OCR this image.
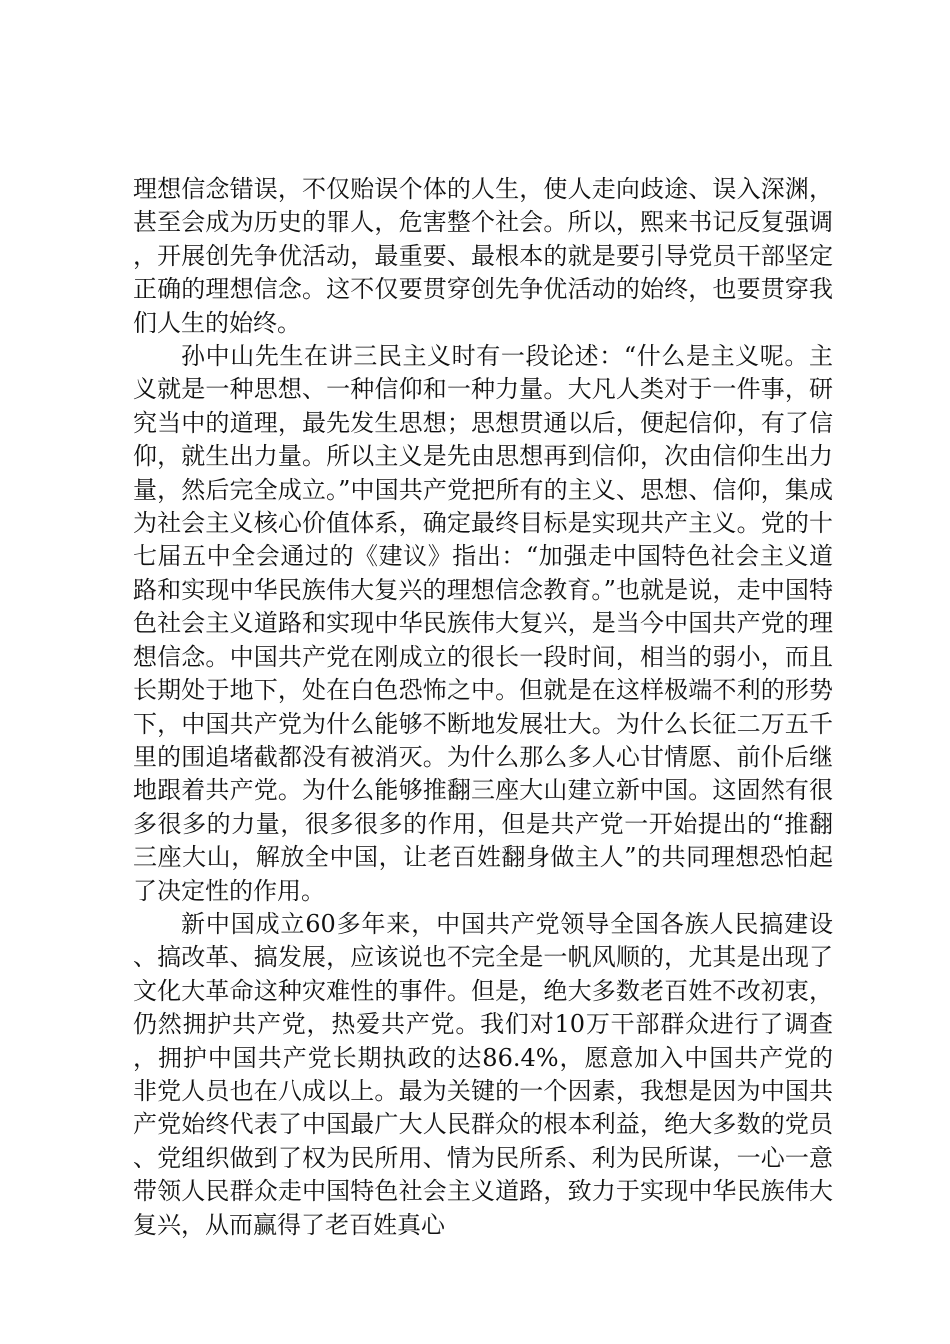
理想信念错误，不仅贻误个体的人生，使人走向歧途、误入深渊，甚至会成为历史的罪人，危害整个社会。所以，熙来书记反复强调，开展创先争优活动，最重要、最根本的就是要引导党员干部坚定正确的理想信念。这不仅要贯穿创先争优活动的始终，也要贯穿我们人生的始终。

孙中山先生在讲三民主义时有一段论述：“什么是主义呢。主义就是一种思想、一种信仰和一种力量。大凡人类对于一件事，研究当中的道理，最先发生思想；思想贯通以后，便起信仰，有了信仰，就生出力量。所以主义是先由思想再到信仰，次由信仰生出力量，然后完全成立。”中国共产党把所有的主义、思想、信仰，集成为社会主义核心价值体系，确定最终目标是实现共产主义。党的十七届五中全会通过的《建议》指出：“加强走中国特色社会主义道路和实现中华民族伟大复兴的理想信念教育。”也就是说，走中国特色社会主义道路和实现中华民族伟大复兴，是当今中国共产党的理想信念。中国共产党在刚成立的很长一段时间，相当的弱小，而且长期处于地下，处在白色恐怖之中。但就是在这样极端不利的形势下，中国共产党为什么能够不断地发展壮大。为什么长征二万五千里的围追堵截都没有被消灭。为什么那么多人心甘情愿、前仆后继地跟着共产党。为什么能够推翻三座大山建立新中国。这固然有很多很多的力量，很多很多的作用，但是共产党一开始提出的“推翻三座大山，解放全中国，让老百姓翻身做主人”的共同理想恐怕起了决定性的作用。

新中国成立60多年来，中国共产党领导全国各族人民搞建设、搞改革、搞发展，应该说也不完全是一帆风顺的，尤其是出现了文化大革命这种灾难性的事件。但是，绝大多数老百姓不改初衷，仍然拥护共产党，热爱共产党。我们对10万干部群众进行了调查，拥护中国共产党长期执政的达86.4%，愿意加入中国共产党的非党人员也在八成以上。最为关键的一个因素，我想是因为中国共产党始终代表了中国最广大人民群众的根本利益，绝大多数的党员、党组织做到了权为民所用、情为民所系、利为民所谋，一心一意带领人民群众走中国特色社会主义道路，致力于实现中华民族伟大复兴，从而赢得了老百姓真心
